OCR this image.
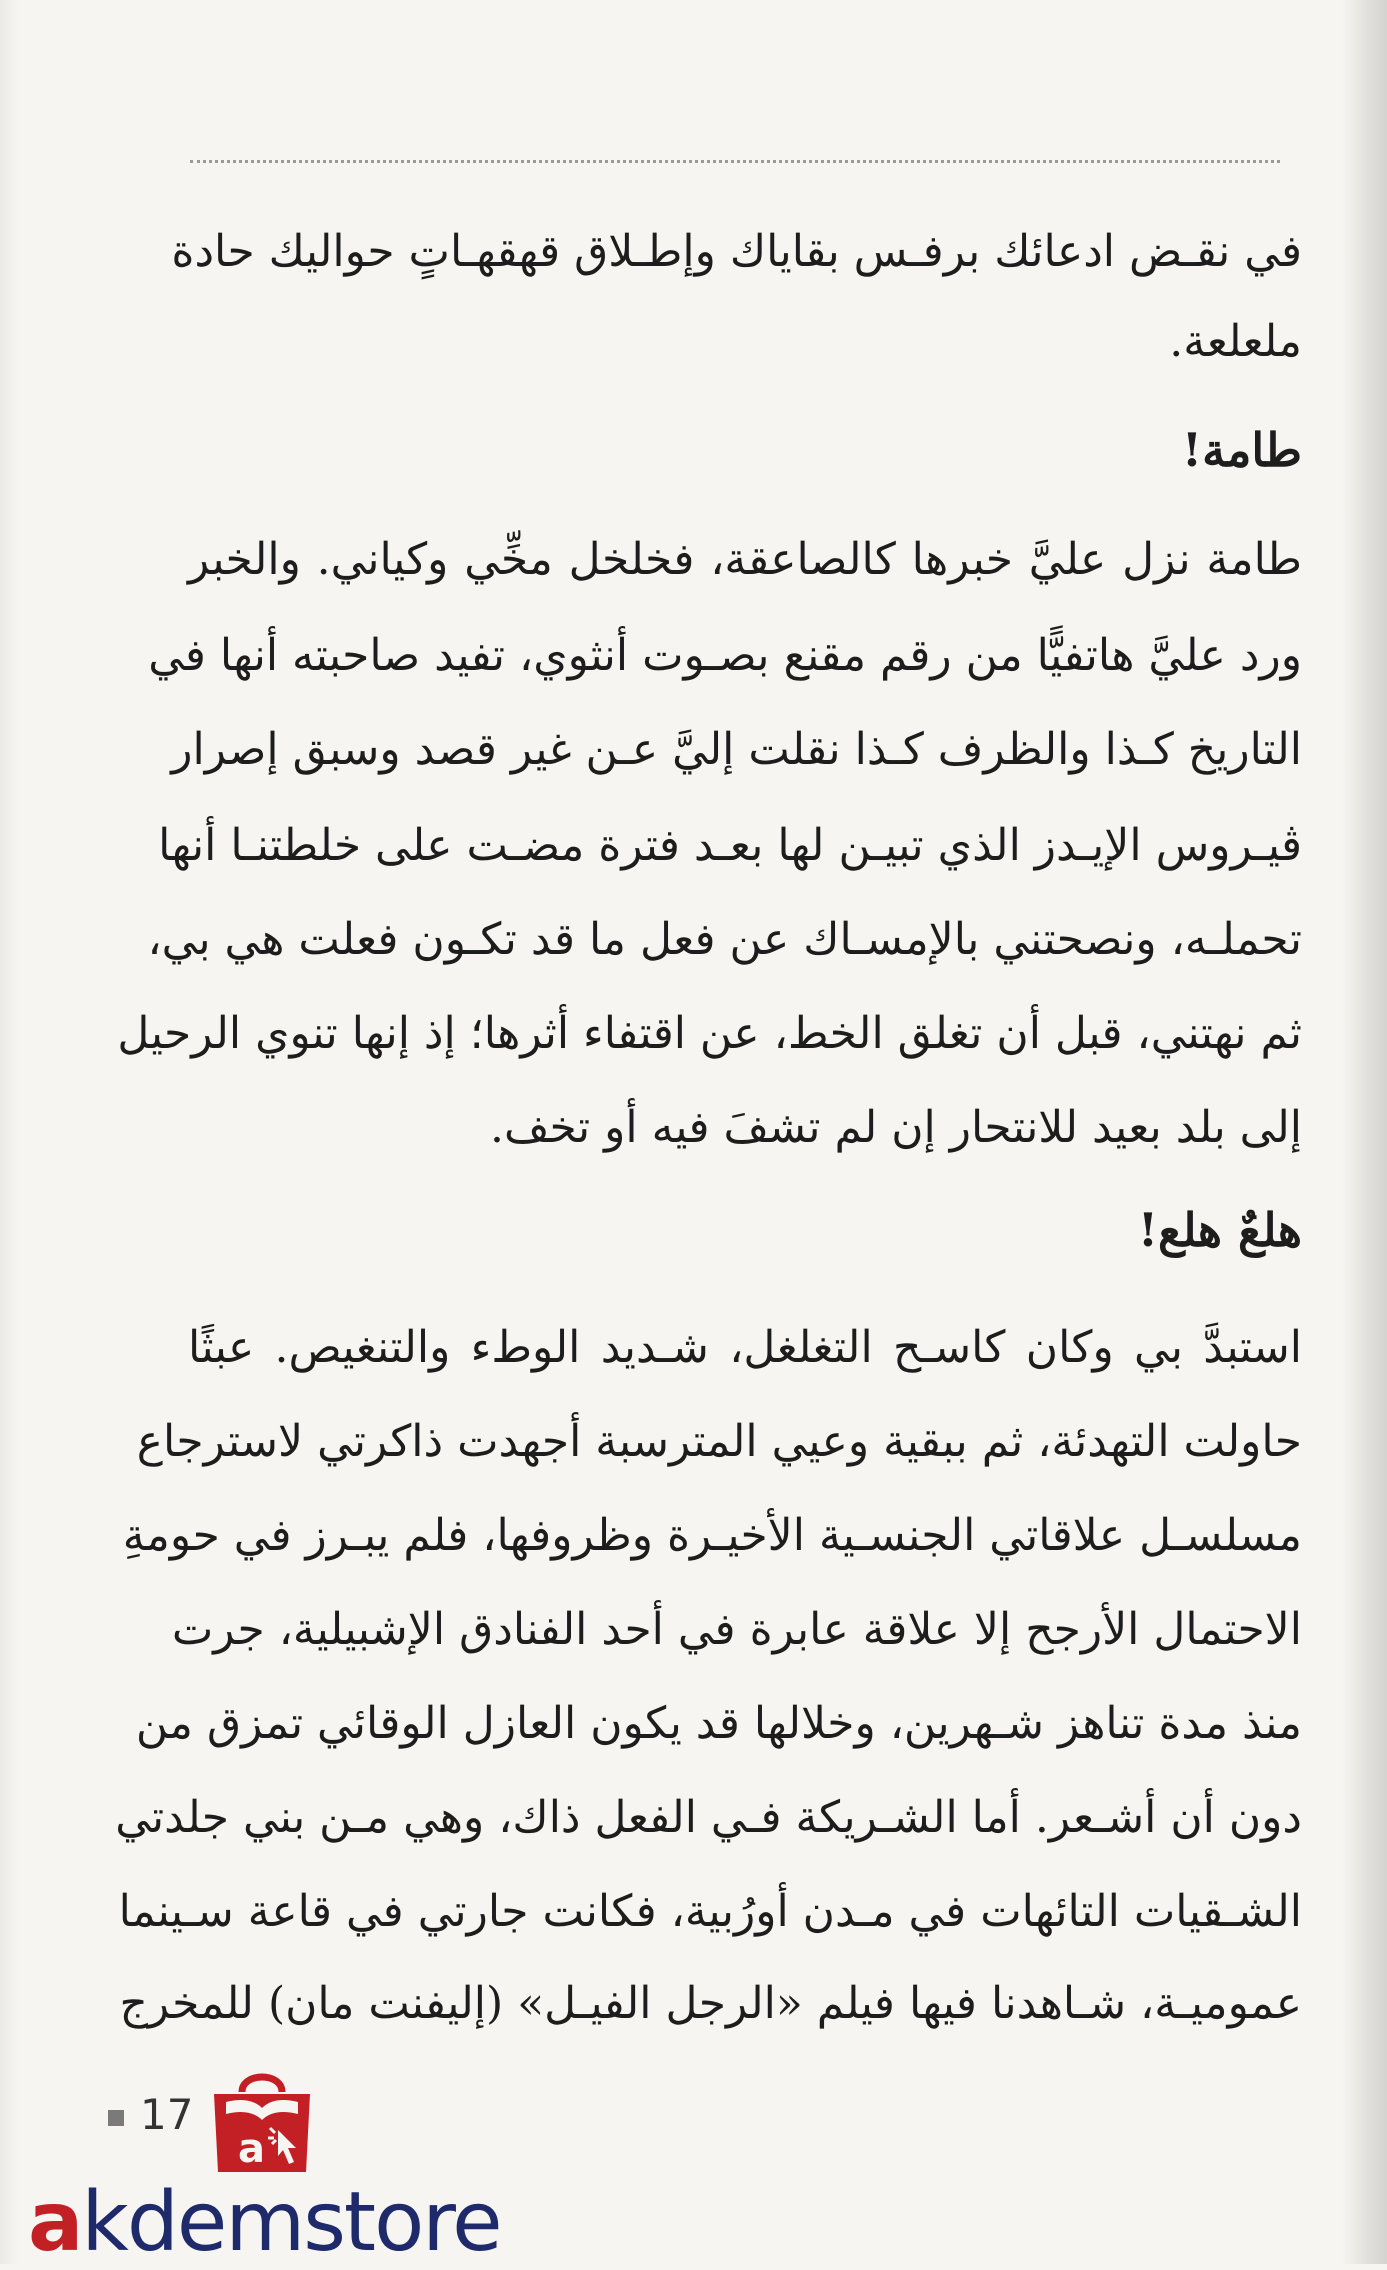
في نقـض ادعائك برفـس بقاياك وإطـلاق قهقهـاتٍ حواليك حادة
ملعلعة.
طامة!
طامة نزل عليَّ خبرها كالصاعقة، فخلخل مخِّي وكياني. والخبر
ورد عليَّ هاتفيًّا من رقم مقنع بصـوت أنثوي، تفيد صاحبته أنها في
التاريخ كـذا والظرف كـذا نقلت إليَّ عـن غير قصد وسبق إصرار
ڤيـروس الإيـدز الذي تبيـن لها بعـد فترة مضـت على خلطتنـا أنها
تحملـه، ونصحتني بالإمسـاك عن فعل ما قد تكـون فعلت هي بي،
ثم نهتني، قبل أن تغلق الخط، عن اقتفاء أثرها؛ إذ إنها تنوي الرحيل
إلى بلد بعيد للانتحار إن لم تشفَ فيه أو تخف.
هلعٌ هلع!
استبدَّ بي وكان كاسـح التغلغل، شـديد الوطء والتنغيص. عبثًا
حاولت التهدئة، ثم ببقية وعيي المترسبة أجهدت ذاكرتي لاسترجاع
مسلسـل علاقاتي الجنسـية الأخيـرة وظروفها، فلم يبـرز في حومةِ
الاحتمال الأرجح إلا علاقة عابرة في أحد الفنادق الإشبيلية، جرت
منذ مدة تناهز شـهرين، وخلالها قد يكون العازل الوقائي تمزق من
دون أن أشـعر. أما الشـريكة فـي الفعل ذاك، وهي مـن بني جلدتي
الشـقيات التائهات في مـدن أورُبية، فكانت جارتي في قاعة سـينما
عموميـة، شـاهدنا فيها فيلم «الرجل الفيـل» (إليفنت مان) للمخرج
17
a
akdemstore
